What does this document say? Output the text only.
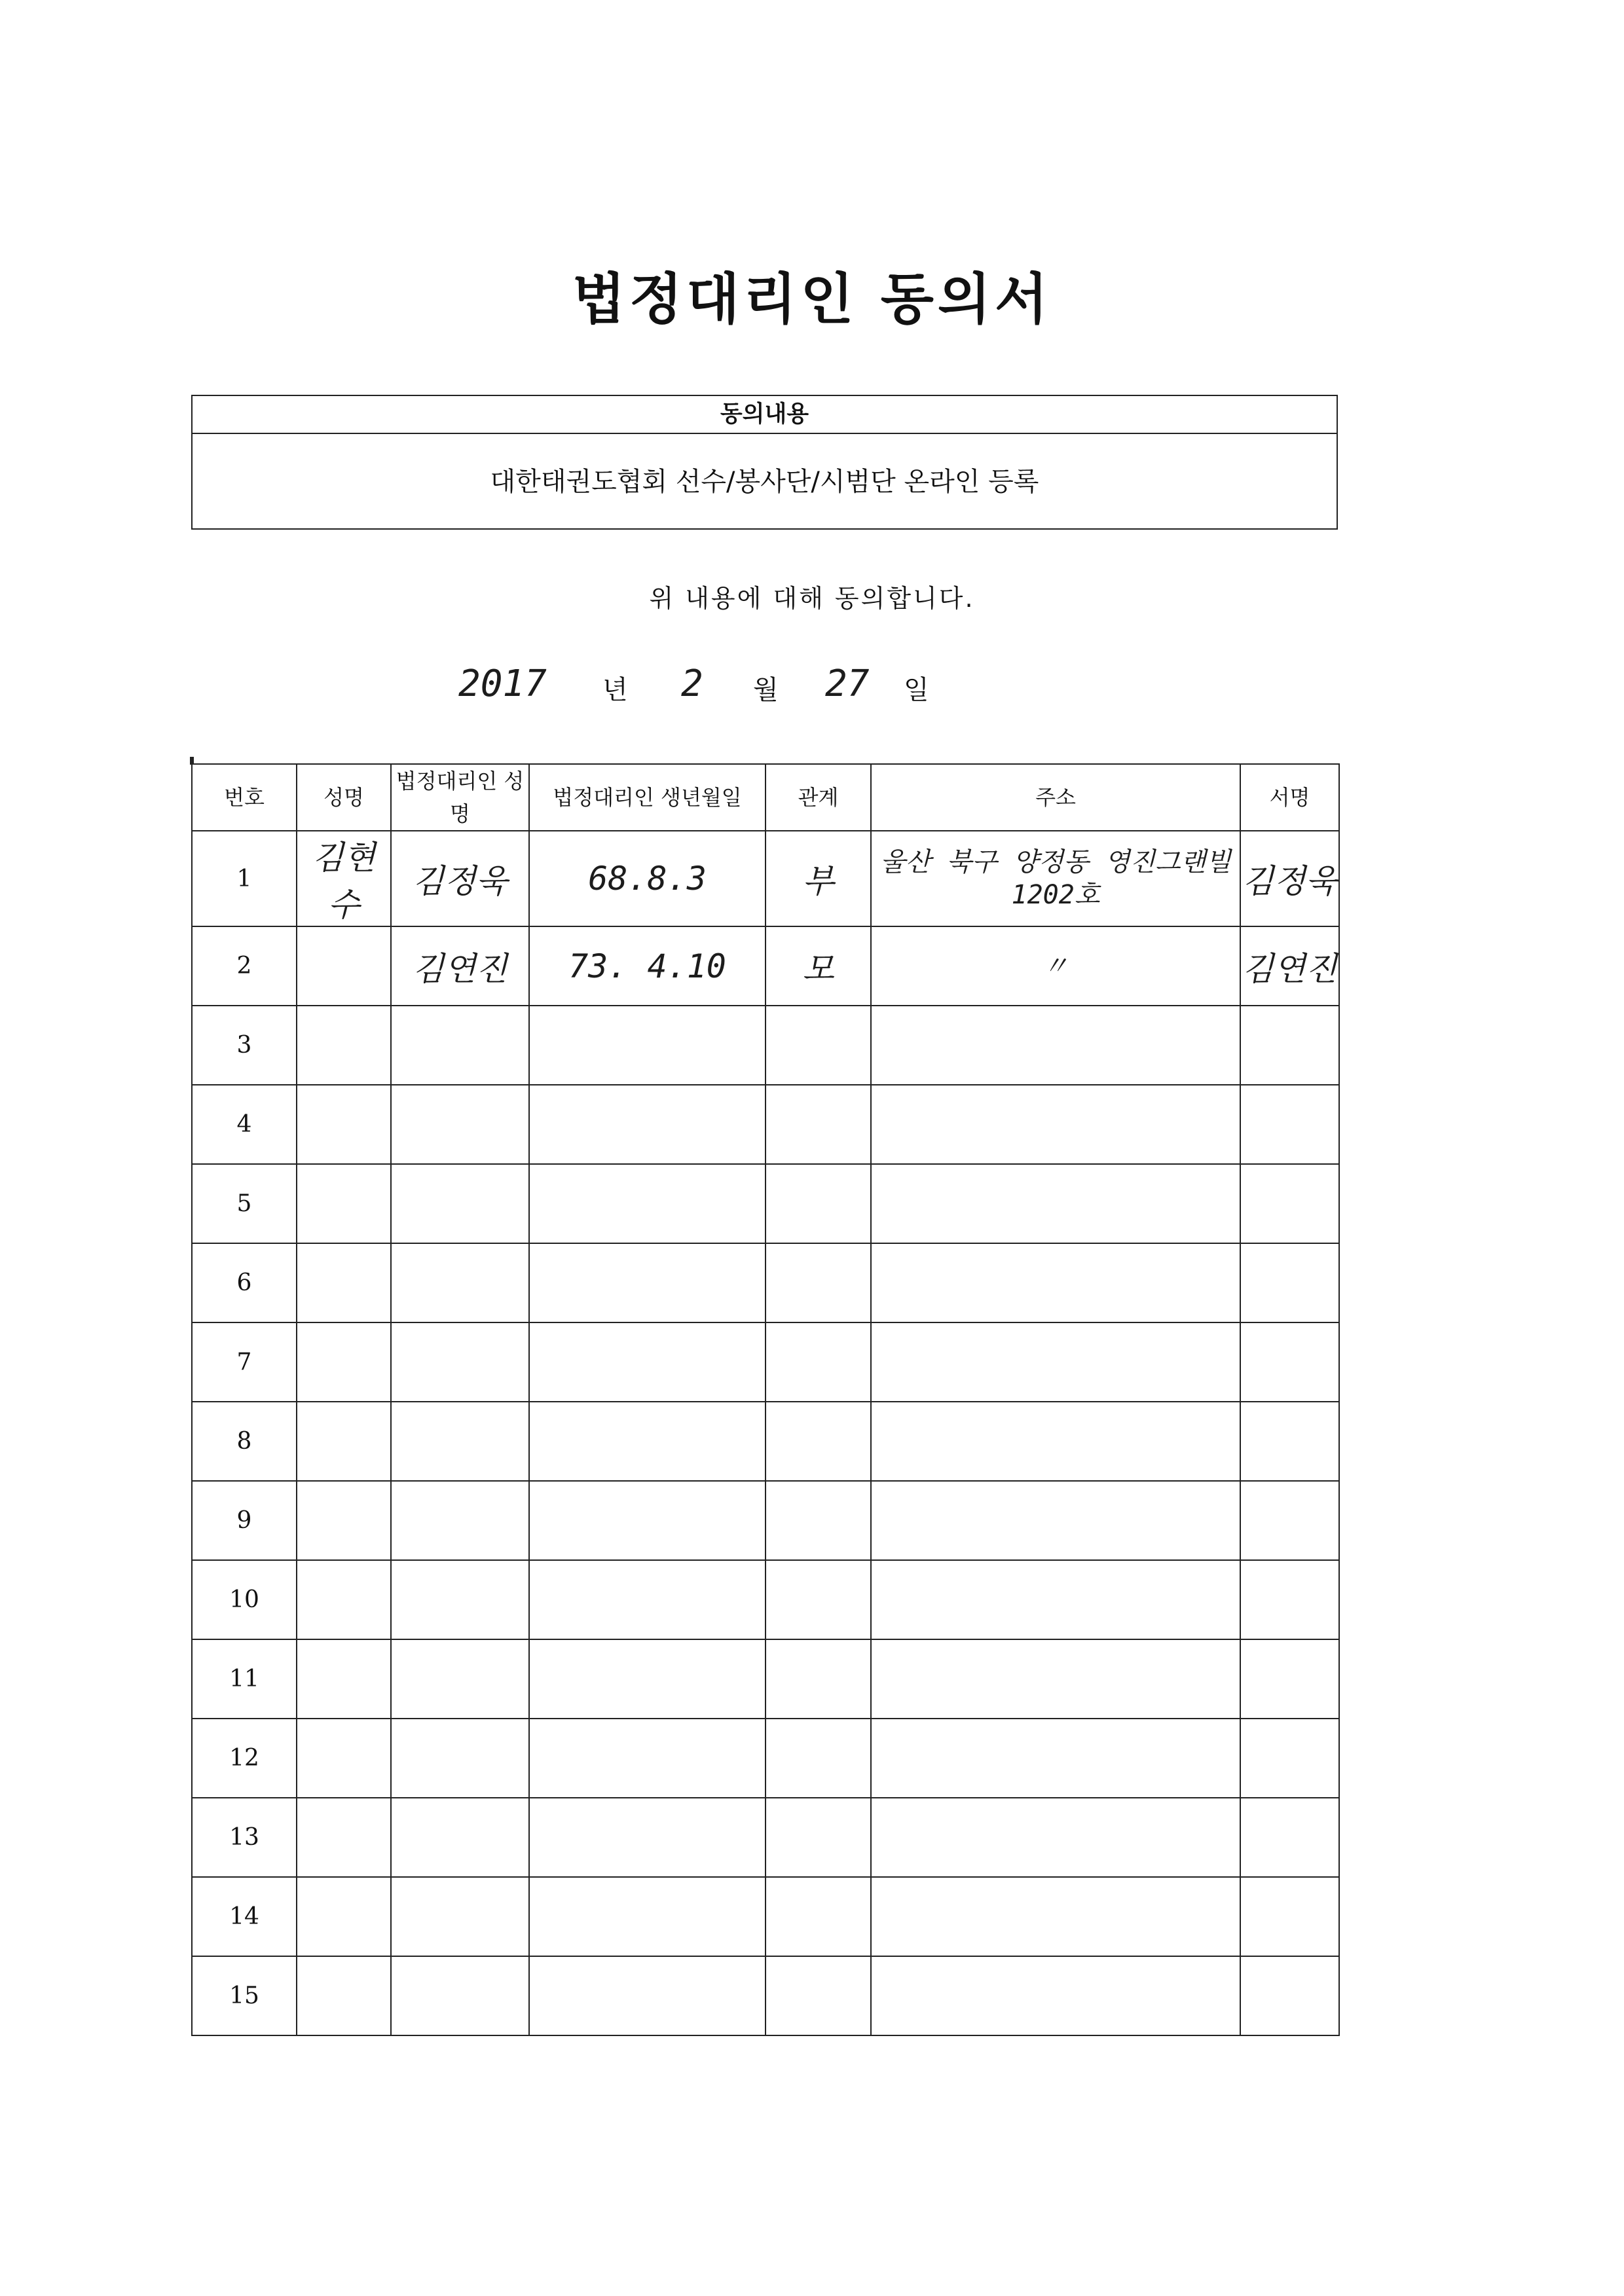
법정대리인 동의서
동의내용
대한태권도협회 선수/봉사단/시범단 온라인 등록
위 내용에 대해 동의합니다.
2017 년 2 월 27 일
번호	성명	법정대리인 성명	법정대리인 생년월일	관계	주소	서명
1	김현수	김정욱	68.8.3	부	울산 북구 양정동 영진그랜빌 1202호	김정욱
2		김연진	73. 4.10	모	〃	김연진
3						
4						
5						
6						
7						
8						
9						
10						
11						
12						
13						
14						
15						
